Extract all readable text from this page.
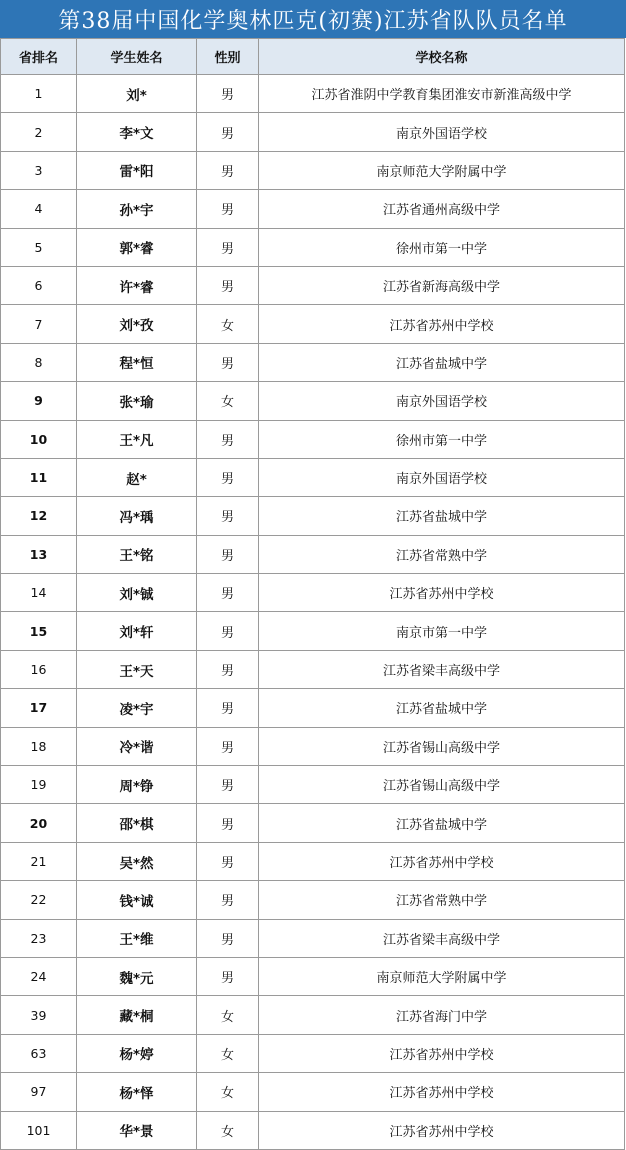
第38届中国化学奥林匹克(初赛)江苏省队队员名单
省排名	学生姓名	性别	学校名称
1	刘*	男	江苏省淮阴中学教育集团淮安市新淮高级中学
2	李*文	男	南京外国语学校
3	雷*阳	男	南京师范大学附属中学
4	孙*宇	男	江苏省通州高级中学
5	郭*睿	男	徐州市第一中学
6	许*睿	男	江苏省新海高级中学
7	刘*孜	女	江苏省苏州中学校
8	程*恒	男	江苏省盐城中学
9	张*瑜	女	南京外国语学校
10	王*凡	男	徐州市第一中学
11	赵*	男	南京外国语学校
12	冯*瑀	男	江苏省盐城中学
13	王*铭	男	江苏省常熟中学
14	刘*铖	男	江苏省苏州中学校
15	刘*轩	男	南京市第一中学
16	王*天	男	江苏省梁丰高级中学
17	凌*宇	男	江苏省盐城中学
18	冷*谐	男	江苏省锡山高级中学
19	周*铮	男	江苏省锡山高级中学
20	邵*棋	男	江苏省盐城中学
21	吴*然	男	江苏省苏州中学校
22	钱*诚	男	江苏省常熟中学
23	王*维	男	江苏省梁丰高级中学
24	魏*元	男	南京师范大学附属中学
39	藏*桐	女	江苏省海门中学
63	杨*婷	女	江苏省苏州中学校
97	杨*怿	女	江苏省苏州中学校
101	华*景	女	江苏省苏州中学校
